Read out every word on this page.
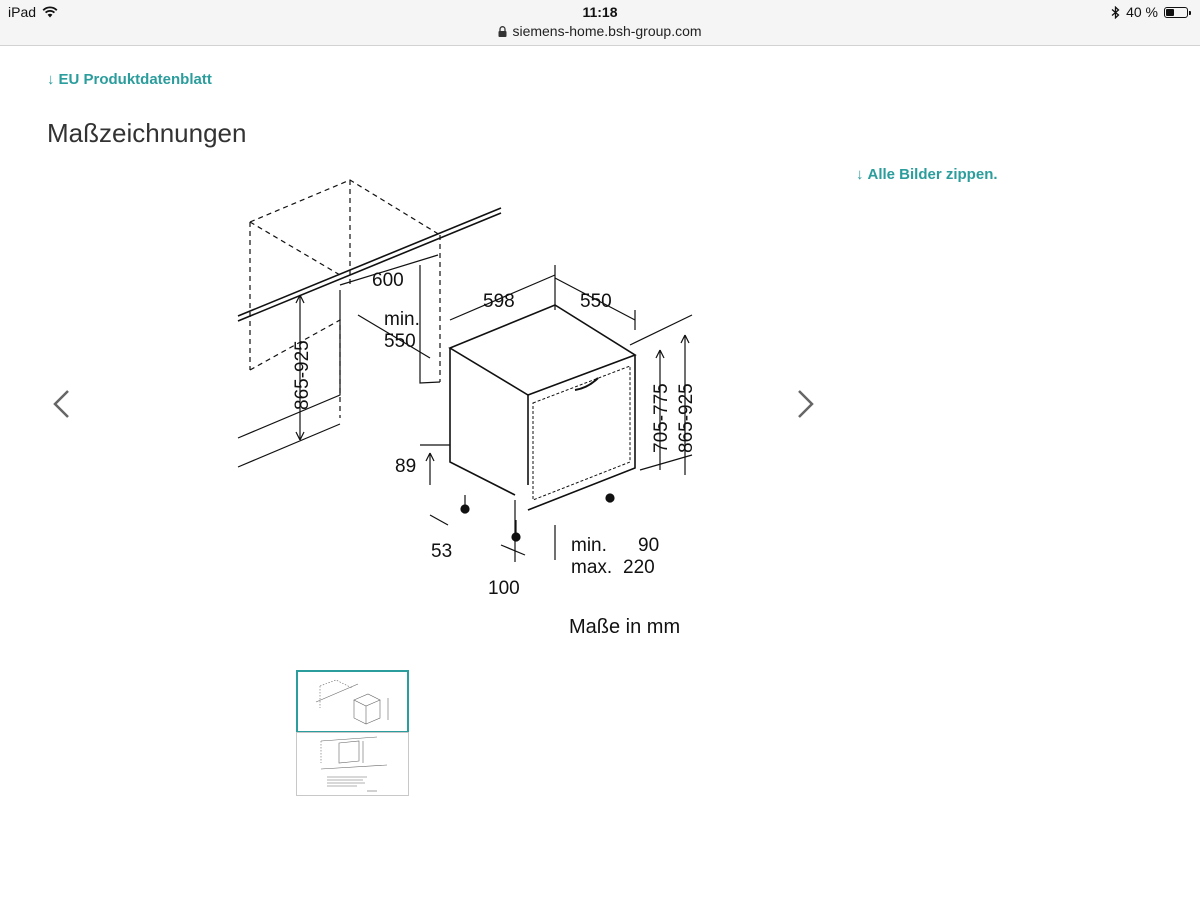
iPad	11:18
siemens-home.bsh-group.com
40 %
↓ EU Produktdatenblatt
Maßzeichnungen
↓ Alle Bilder zippen.
600
min.
550
865-925
598	550
705-775 865-925
89
53
100
min. 90
max. 220
Maße in mm
